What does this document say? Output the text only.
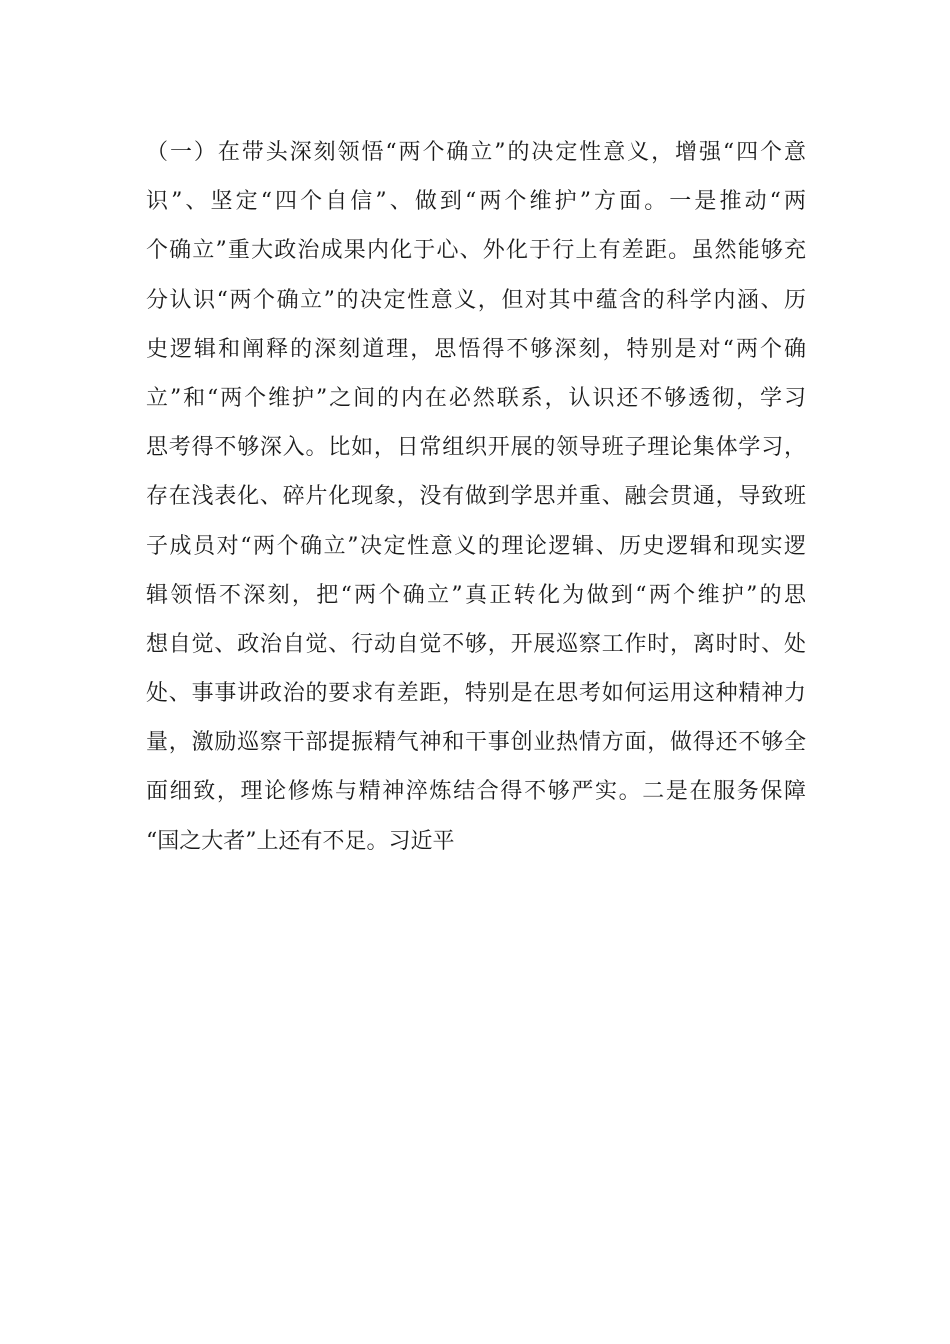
（一）在带头深刻领悟“两个确立”的决定性意义，增强“四个意
识”、坚定“四个自信”、做到“两个维护”方面。一是推动“两
个确立”重大政治成果内化于心、外化于行上有差距。虽然能够充
分认识“两个确立”的决定性意义，但对其中蕴含的科学内涵、历
史逻辑和阐释的深刻道理，思悟得不够深刻，特别是对“两个确
立”和“两个维护”之间的内在必然联系，认识还不够透彻，学习
思考得不够深入。比如，日常组织开展的领导班子理论集体学习，
存在浅表化、碎片化现象，没有做到学思并重、融会贯通，导致班
子成员对“两个确立”决定性意义的理论逻辑、历史逻辑和现实逻
辑领悟不深刻，把“两个确立”真正转化为做到“两个维护”的思
想自觉、政治自觉、行动自觉不够，开展巡察工作时，离时时、处
处、事事讲政治的要求有差距，特别是在思考如何运用这种精神力
量，激励巡察干部提振精气神和干事创业热情方面，做得还不够全
面细致，理论修炼与精神淬炼结合得不够严实。二是在服务保障
“国之大者”上还有不足。习近平
